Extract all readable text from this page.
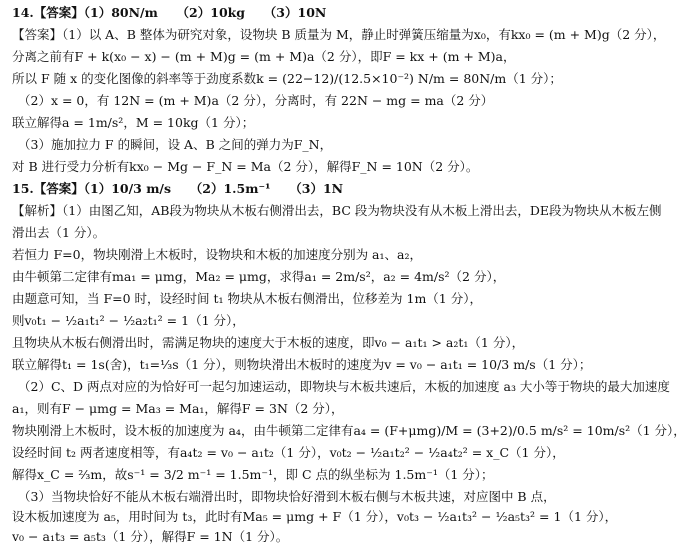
14.【答案】（1）80N/m　　（2）10kg　　（3）10N
【答案】（1）以 A、B 整体为研究对象，设物块 B 质量为 M，静止时弹簧压缩量为x₀，有kx₀ = (m + M)g（2 分），
分离之前有F + k(x₀ − x) − (m + M)g = (m + M)a（2 分），即F = kx + (m + M)a，
所以 F 随 x 的变化图像的斜率等于劲度系数k = (22−12)/(12.5×10⁻²) N/m = 80N/m（1 分）；
（2）x = 0，有 12N = (m + M)a（2 分），分离时，有 22N − mg = ma（2 分）
联立解得a = 1m/s²，M = 10kg（1 分）；
（3）施加拉力 F 的瞬间，设 A、B 之间的弹力为F_N，
对 B 进行受力分析有kx₀ − Mg − F_N = Ma（2 分），解得F_N = 10N（2 分）。
15.【答案】（1）10/3 m/s　　（2）1.5m⁻¹　　（3）1N
【解析】（1）由图乙知，AB段为物块从木板右侧滑出去，BC 段为物块没有从木板上滑出去，DE段为物块从木板左侧
滑出去（1 分）。
若恒力 F=0，物块刚滑上木板时，设物块和木板的加速度分别为 a₁、a₂，
由牛顿第二定律有ma₁ = μmg，Ma₂ = μmg，求得a₁ = 2m/s²，a₂ = 4m/s²（2 分），
由题意可知，当 F=0 时，设经时间 t₁ 物块从木板右侧滑出，位移差为 1m（1 分），
则v₀t₁ − ½a₁t₁² − ½a₂t₁² = 1（1 分），
且物块从木板右侧滑出时，需满足物块的速度大于木板的速度，即v₀ − a₁t₁ > a₂t₁（1 分），
联立解得t₁ = 1s(舍)，t₁=⅓s（1 分），则物块滑出木板时的速度为v = v₀ − a₁t₁ = 10/3 m/s（1 分）；
（2）C、D 两点对应的为恰好可一起匀加速运动，即物块与木板共速后，木板的加速度 a₃ 大小等于物块的最大加速度
a₁，则有F − μmg = Ma₃ = Ma₁，解得F = 3N（2 分），
物块刚滑上木板时，设木板的加速度为 a₄，由牛顿第二定律有a₄ = (F+μmg)/M = (3+2)/0.5 m/s² = 10m/s²（1 分），
设经时间 t₂ 两者速度相等，有a₄t₂ = v₀ − a₁t₂（1 分），v₀t₂ − ½a₁t₂² − ½a₄t₂² = x_C（1 分），
解得x_C = ⅔m，故s⁻¹ = 3/2 m⁻¹ = 1.5m⁻¹，即 C 点的纵坐标为 1.5m⁻¹（1 分）；
（3）当物块恰好不能从木板右端滑出时，即物块恰好滑到木板右侧与木板共速，对应图中 B 点，
设木板加速度为 a₅，用时间为 t₃，此时有Ma₅ = μmg + F（1 分），v₀t₃ − ½a₁t₃² − ½a₅t₃² = 1（1 分），
v₀ − a₁t₃ = a₅t₃（1 分），解得F = 1N（1 分）。
